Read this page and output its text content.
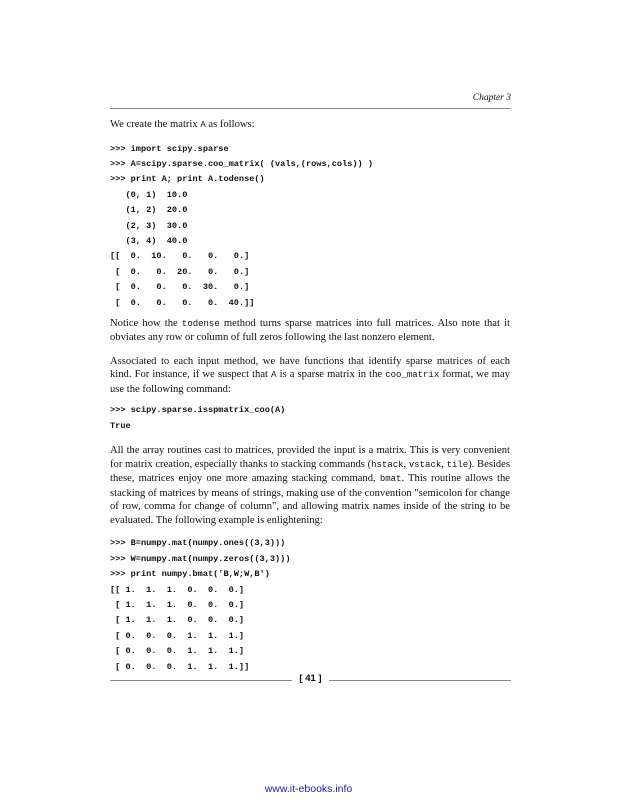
Chapter 3

We create the matrix A as follows:

>>> import scipy.sparse
>>> A=scipy.sparse.coo_matrix( (vals,(rows,cols)) )
>>> print A; print A.todense()
(0, 1)  10.0
(1, 2)  20.0
(2, 3)  30.0
(3, 4)  40.0
[[  0.  10.   0.   0.   0.]
[  0.   0.  20.   0.   0.]
[  0.   0.   0.  30.   0.]
[  0.   0.   0.   0.  40.]]

Notice how the todense method turns sparse matrices into full matrices. Also note that it obviates any row or column of full zeros following the last nonzero element.

Associated to each input method, we have functions that identify sparse matrices of each kind. For instance, if we suspect that A is a sparse matrix in the coo_matrix format, we may use the following command:

>>> scipy.sparse.isspmatrix_coo(A)
True

All the array routines cast to matrices, provided the input is a matrix. This is very convenient for matrix creation, especially thanks to stacking commands (hstack, vstack, tile). Besides these, matrices enjoy one more amazing stacking command, bmat. This routine allows the stacking of matrices by means of strings, making use of the convention "semicolon for change of row, comma for change of column", and allowing matrix names inside of the string to be evaluated. The following example is enlightening:

>>> B=numpy.mat(numpy.ones((3,3)))
>>> W=numpy.mat(numpy.zeros((3,3)))
>>> print numpy.bmat('B,W;W,B')
[[ 1.  1.  1.  0.  0.  0.]
[ 1.  1.  1.  0.  0.  0.]
[ 1.  1.  1.  0.  0.  0.]
[ 0.  0.  0.  1.  1.  1.]
[ 0.  0.  0.  1.  1.  1.]
[ 0.  0.  0.  1.  1.  1.]]
[ 41 ]
www.it-ebooks.info
